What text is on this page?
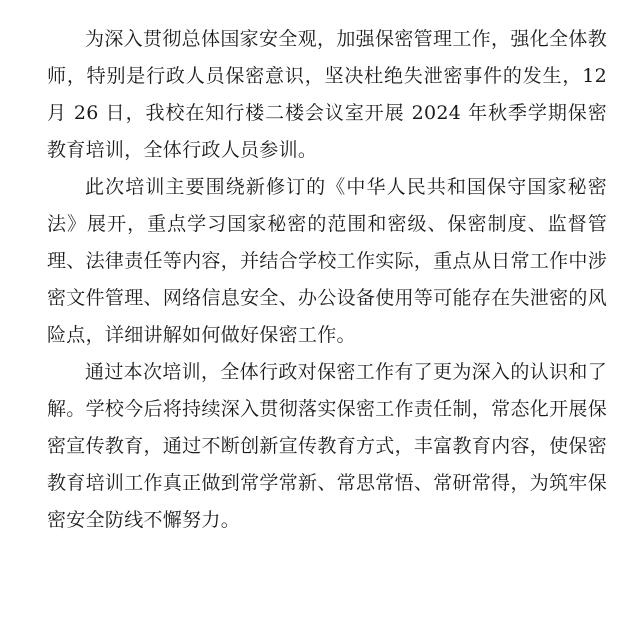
为深入贯彻总体国家安全观，加强保密管理工作，强化全体教师，特别是行政人员保密意识，坚决杜绝失泄密事件的发生，12 月 26 日，我校在知行楼二楼会议室开展 2024 年秋季学期保密教育培训，全体行政人员参训。

此次培训主要围绕新修订的《中华人民共和国保守国家秘密法》展开，重点学习国家秘密的范围和密级、保密制度、监督管理、法律责任等内容，并结合学校工作实际，重点从日常工作中涉密文件管理、网络信息安全、办公设备使用等可能存在失泄密的风险点，详细讲解如何做好保密工作。

通过本次培训，全体行政对保密工作有了更为深入的认识和了解。学校今后将持续深入贯彻落实保密工作责任制，常态化开展保密宣传教育，通过不断创新宣传教育方式，丰富教育内容，使保密教育培训工作真正做到常学常新、常思常悟、常研常得，为筑牢保密安全防线不懈努力。
